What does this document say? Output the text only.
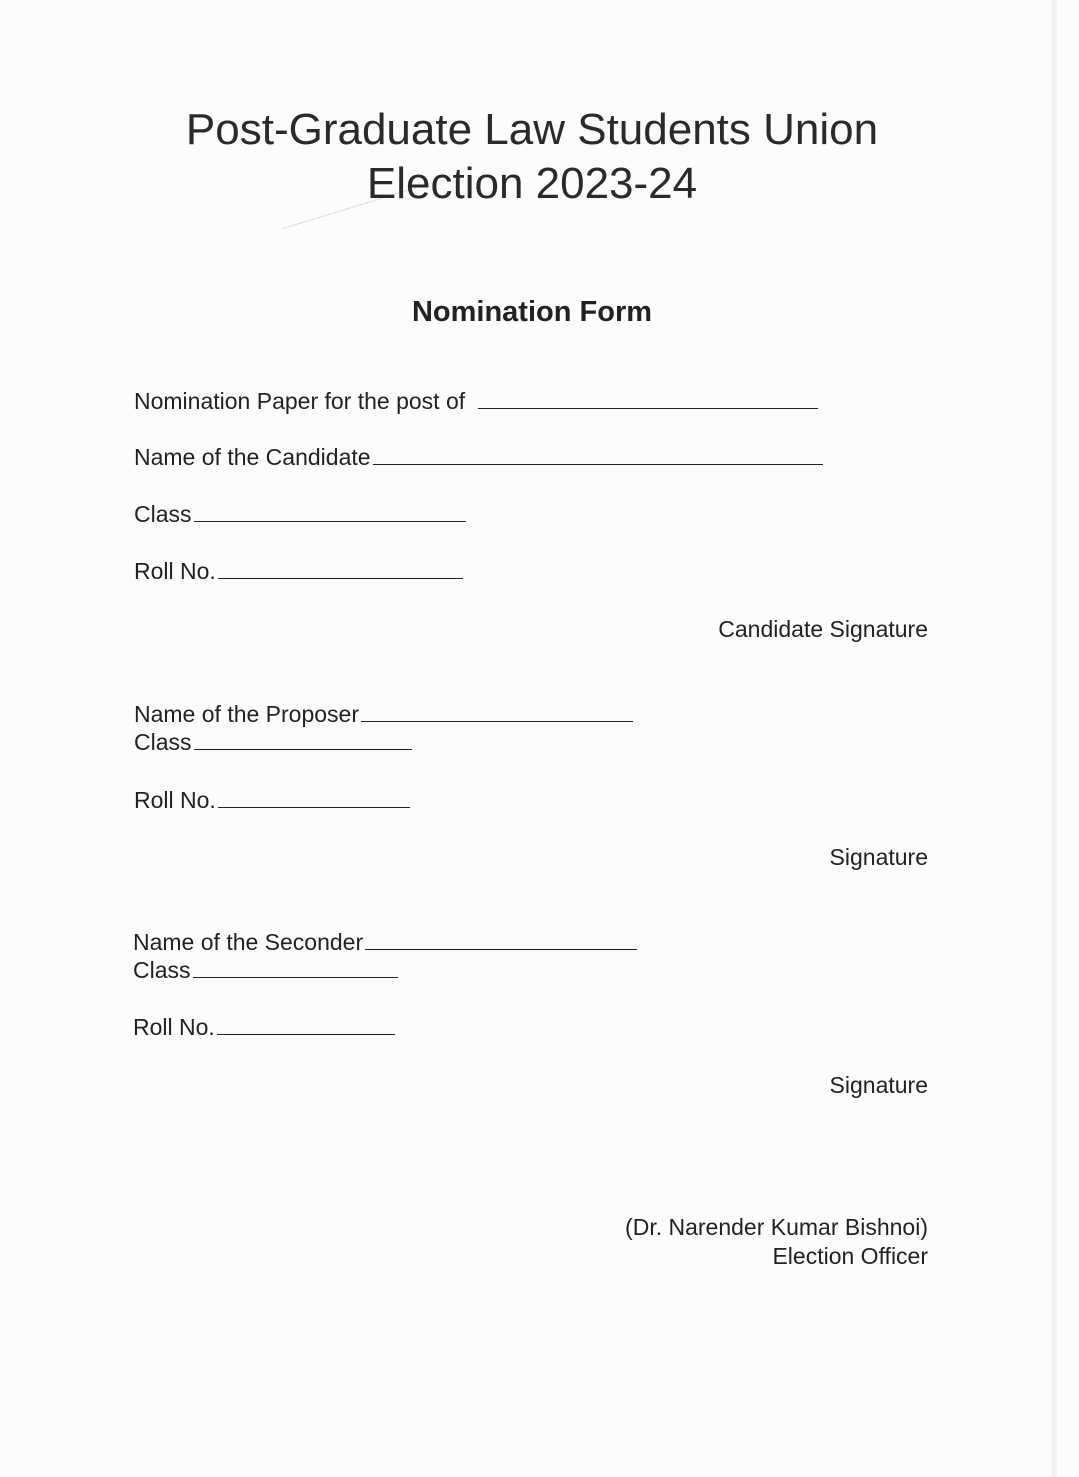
Post-Graduate Law Students Union
Election 2023-24
Nomination Form
Nomination Paper for the post of
Name of the Candidate
Class
Roll No.
Candidate Signature
Name of the Proposer
Class
Roll No.
Signature
Name of the Seconder
Class
Roll No.
Signature
(Dr. Narender Kumar Bishnoi)
Election Officer
